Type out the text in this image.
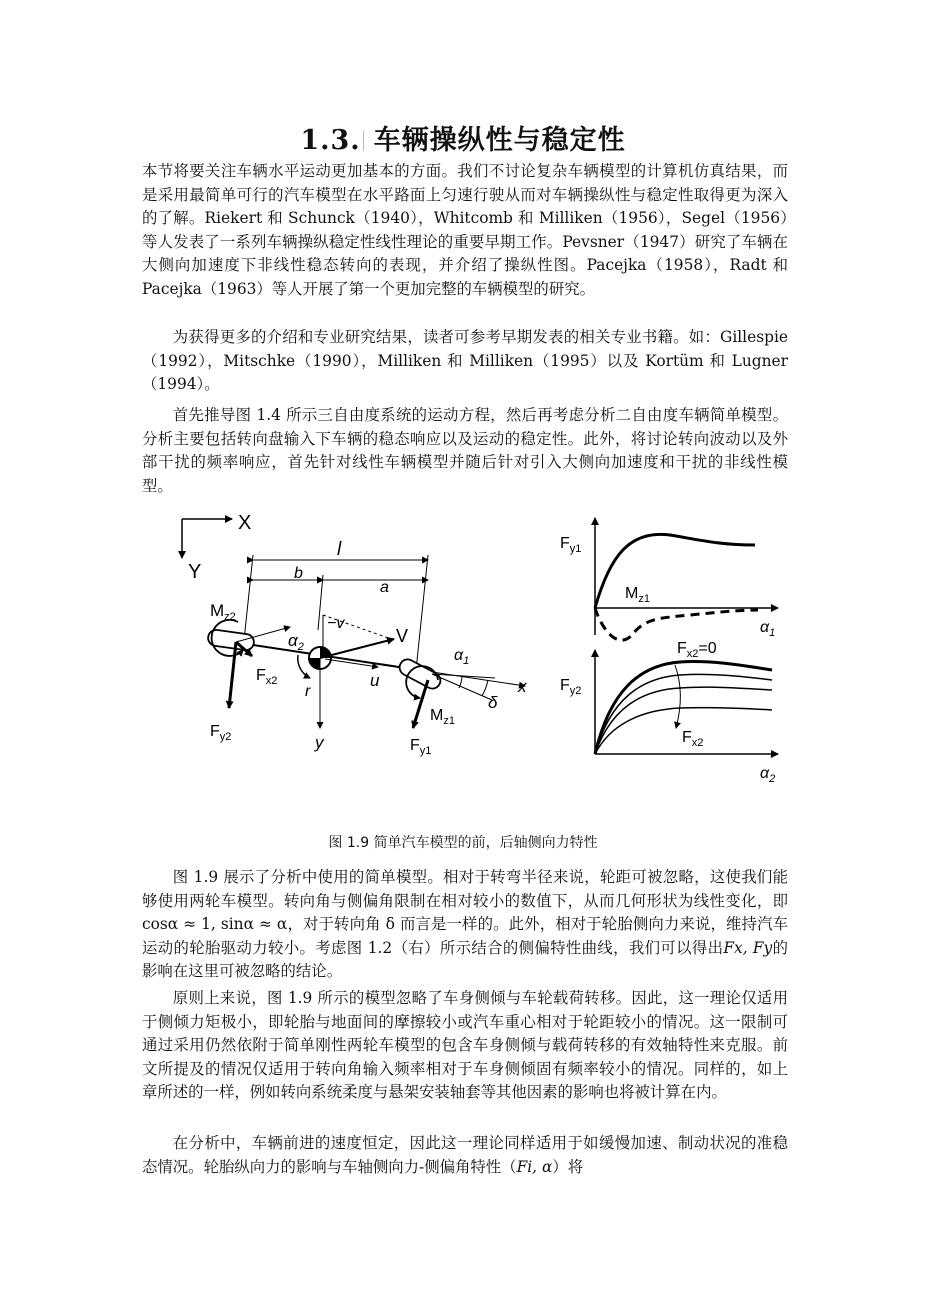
1.3. 车辆操纵性与稳定性

本节将要关注车辆水平运动更加基本的方面。我们不讨论复杂车辆模型的计算机仿真结果，而是采用最简单可行的汽车模型在水平路面上匀速行驶从而对车辆操纵性与稳定性取得更为深入的了解。Riekert 和 Schunck（1940），Whitcomb 和 Milliken（1956），Segel（1956）等人发表了一系列车辆操纵稳定性线性理论的重要早期工作。Pevsner（1947）研究了车辆在大侧向加速度下非线性稳态转向的表现，并介绍了操纵性图。Pacejka（1958），Radt 和 Pacejka（1963）等人开展了第一个更加完整的车辆模型的研究。

为获得更多的介绍和专业研究结果，读者可参考早期发表的相关专业书籍。如：Gillespie（1992），Mitschke（1990），Milliken 和 Milliken（1995）以及 Kortüm 和 Lugner（1994）。

首先推导图 1.4 所示三自由度系统的运动方程，然后再考虑分析二自由度车辆简单模型。分析主要包括转向盘输入下车辆的稳态响应以及运动的稳定性。此外，将讨论转向波动以及外部干扰的频率响应，首先针对线性车辆模型并随后针对引入大侧向加速度和干扰的非线性模型。

X
Y
l
b
a
$M_{z2}$
$\alpha_2$
$F_{x2}$
$F_{y2}$
−v
V
u
r
y
x
$\alpha_1$
δ
$M_{z1}$
$F_{y1}$
$F_{y1}$
$M_{z1}$
$\alpha_1$
$F_{y2}$
$F_{x2}=0$
$F_{x2}$
$\alpha_2$
图 1.9 简单汽车模型的前，后轴侧向力特性

图 1.9 展示了分析中使用的简单模型。相对于转弯半径来说，轮距可被忽略，这使我们能够使用两轮车模型。转向角与侧偏角限制在相对较小的数值下，从而几何形状为线性变化，即cosα ≈ 1, sinα ≈ α，对于转向角 δ 而言是一样的。此外，相对于轮胎侧向力来说，维持汽车运动的轮胎驱动力较小。考虑图 1.2（右）所示结合的侧偏特性曲线，我们可以得出Fx, Fy的影响在这里可被忽略的结论。

原则上来说，图 1.9 所示的模型忽略了车身侧倾与车轮载荷转移。因此，这一理论仅适用于侧倾力矩极小，即轮胎与地面间的摩擦较小或汽车重心相对于轮距较小的情况。这一限制可通过采用仍然依附于简单刚性两轮车模型的包含车身侧倾与载荷转移的有效轴特性来克服。前文所提及的情况仅适用于转向角输入频率相对于车身侧倾固有频率较小的情况。同样的，如上章所述的一样，例如转向系统柔度与悬架安装轴套等其他因素的影响也将被计算在内。

在分析中，车辆前进的速度恒定，因此这一理论同样适用于如缓慢加速、制动状况的准稳态情况。轮胎纵向力的影响与车轴侧向力-侧偏角特性（Fi, α）将
